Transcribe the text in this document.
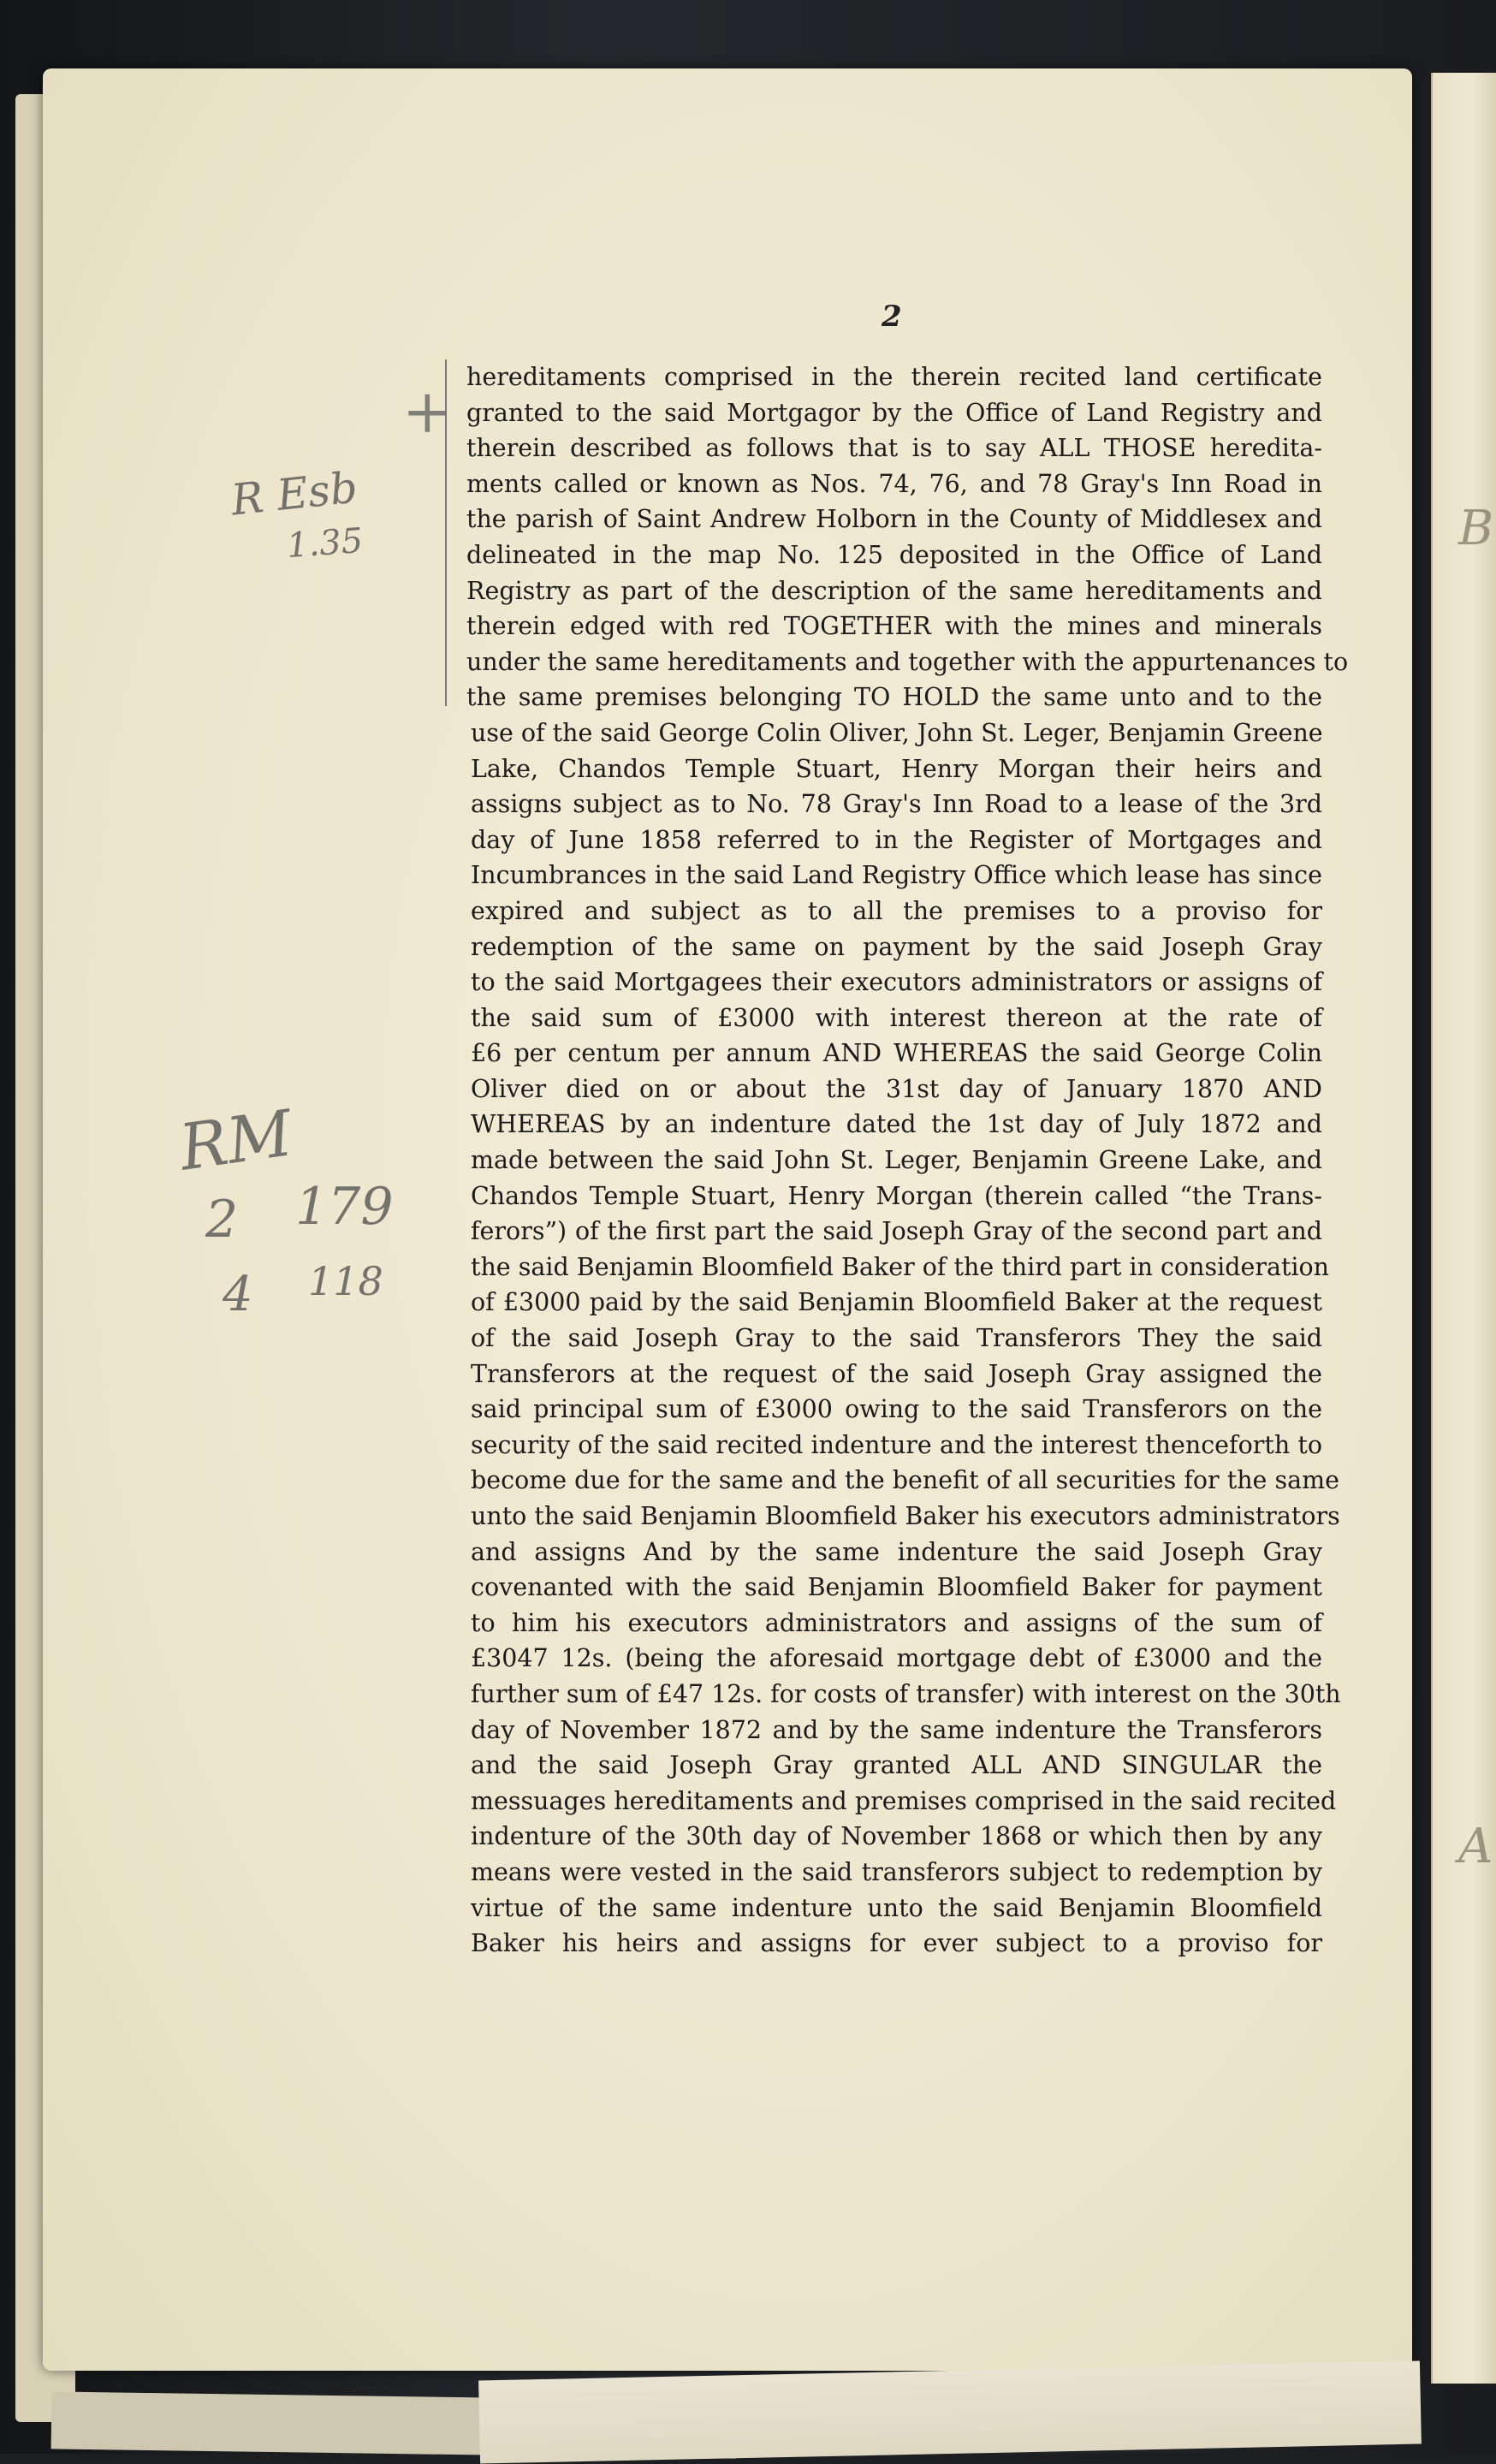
B
A
2
+
R Esb
1.35
RM
2 179
4 118
hereditaments comprised in the therein recited land certificate
granted to the said Mortgagor by the Office of Land Registry and
therein described as follows that is to say ALL THOSE heredita-
ments called or known as Nos. 74, 76, and 78 Gray's Inn Road in
the parish of Saint Andrew Holborn in the County of Middlesex and
delineated in the map No. 125 deposited in the Office of Land
Registry as part of the description of the same hereditaments and
therein edged with red TOGETHER with the mines and minerals
under the same hereditaments and together with the appurtenances to
the same premises belonging TO HOLD the same unto and to the
use of the said George Colin Oliver, John St. Leger, Benjamin Greene
Lake, Chandos Temple Stuart, Henry Morgan their heirs and
assigns subject as to No. 78 Gray's Inn Road to a lease of the 3rd
day of June 1858 referred to in the Register of Mortgages and
Incumbrances in the said Land Registry Office which lease has since
expired and subject as to all the premises to a proviso for
redemption of the same on payment by the said Joseph Gray
to the said Mortgagees their executors administrators or assigns of
the said sum of £3000 with interest thereon at the rate of
£6 per centum per annum AND WHEREAS the said George Colin
Oliver died on or about the 31st day of January 1870 AND
WHEREAS by an indenture dated the 1st day of July 1872 and
made between the said John St. Leger, Benjamin Greene Lake, and
Chandos Temple Stuart, Henry Morgan (therein called “the Trans-
ferors”) of the first part the said Joseph Gray of the second part and
the said Benjamin Bloomfield Baker of the third part in consideration
of £3000 paid by the said Benjamin Bloomfield Baker at the request
of the said Joseph Gray to the said Transferors They the said
Transferors at the request of the said Joseph Gray assigned the
said principal sum of £3000 owing to the said Transferors on the
security of the said recited indenture and the interest thenceforth to
become due for the same and the benefit of all securities for the same
unto the said Benjamin Bloomfield Baker his executors administrators
and assigns And by the same indenture the said Joseph Gray
covenanted with the said Benjamin Bloomfield Baker for payment
to him his executors administrators and assigns of the sum of
£3047 12s. (being the aforesaid mortgage debt of £3000 and the
further sum of £47 12s. for costs of transfer) with interest on the 30th
day of November 1872 and by the same indenture the Transferors
and the said Joseph Gray granted ALL AND SINGULAR the
messuages hereditaments and premises comprised in the said recited
indenture of the 30th day of November 1868 or which then by any
means were vested in the said transferors subject to redemption by
virtue of the same indenture unto the said Benjamin Bloomfield
Baker his heirs and assigns for ever subject to a proviso for
